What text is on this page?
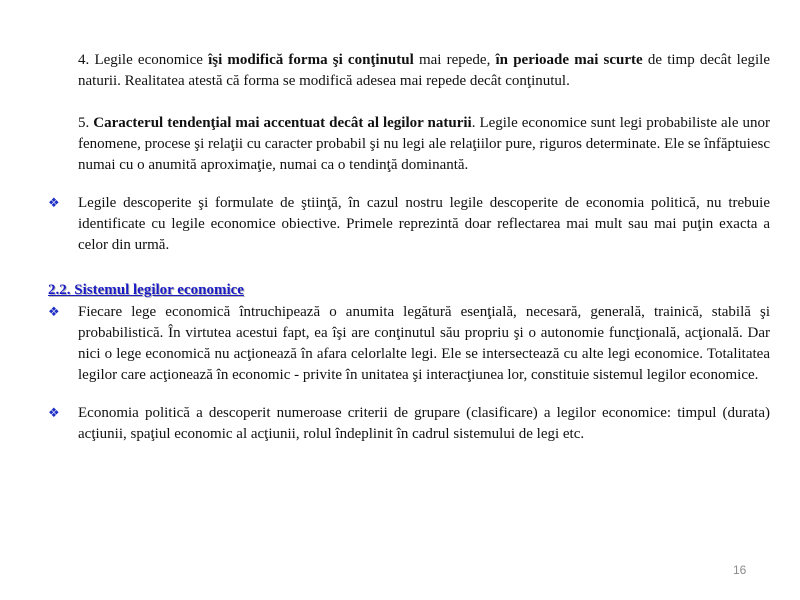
4. Legile economice îşi modifică forma şi conţinutul mai repede, în perioade mai scurte de timp decât legile naturii. Realitatea atestă că forma se modifică adesea mai repede decât conţinutul.

5. Caracterul tendenţial mai accentuat decât al legilor naturii. Legile economice sunt legi probabiliste ale unor fenomene, procese şi relaţii cu caracter probabil şi nu legi ale relaţiilor pure, riguros determinate. Ele se înfăptuiesc numai cu o anumită aproximaţie, numai ca o tendinţă dominantă.

❖	Legile descoperite şi formulate de ştiinţă, în cazul nostru legile descoperite de economia politică, nu trebuie identificate cu legile economice obiective. Primele reprezintă doar reflectarea mai mult sau mai puţin exacta a celor din urmă.

2.2. Sistemul legilor economice

❖	Fiecare lege economică întruchipează o anumita legătură esenţială, necesară, generală, trainică, stabilă şi probabilistică. În virtutea acestui fapt, ea îşi are conţinutul său propriu şi o autonomie funcţională, acţională. Dar nici o lege economică nu acţionează în afara celorlalte legi. Ele se intersectează cu alte legi economice. Totalitatea legilor care acţionează în economic - privite în unitatea şi interacţiunea lor, constituie sistemul legilor economice.

❖	Economia politică a descoperit numeroase criterii de grupare (clasificare) a legilor economice: timpul (durata) acţiunii, spaţiul economic al acţiunii, rolul îndeplinit în cadrul sistemului de legi etc.

16
